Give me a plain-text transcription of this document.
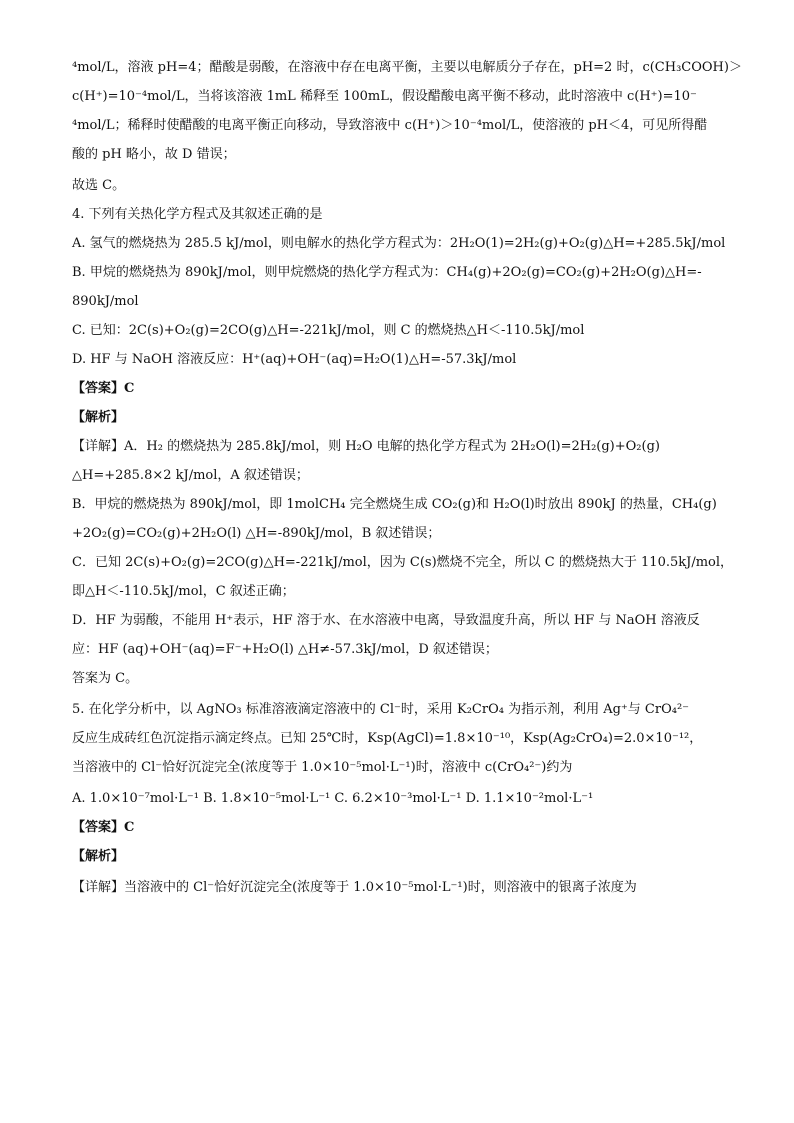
⁴mol/L，溶液 pH=4；醋酸是弱酸，在溶液中存在电离平衡，主要以电解质分子存在，pH=2 时，c(CH₃COOH)＞

c(H⁺)=10⁻⁴mol/L，当将该溶液 1mL 稀释至 100mL，假设醋酸电离平衡不移动，此时溶液中 c(H⁺)=10⁻

⁴mol/L；稀释时使醋酸的电离平衡正向移动，导致溶液中 c(H⁺)＞10⁻⁴mol/L，使溶液的 pH＜4，可见所得醋

酸的 pH 略小，故 D 错误；

故选 C。

4. 下列有关热化学方程式及其叙述正确的是

A. 氢气的燃烧热为 285.5 kJ/mol，则电解水的热化学方程式为：2H₂O(1)=2H₂(g)+O₂(g)△H=+285.5kJ/mol

B. 甲烷的燃烧热为 890kJ/mol，则甲烷燃烧的热化学方程式为：CH₄(g)+2O₂(g)=CO₂(g)+2H₂O(g)△H=-

890kJ/mol

C. 已知：2C(s)+O₂(g)=2CO(g)△H=-221kJ/mol，则 C 的燃烧热△H＜-110.5kJ/mol

D. HF 与 NaOH 溶液反应：H⁺(aq)+OH⁻(aq)=H₂O(1)△H=-57.3kJ/mol

【答案】C

【解析】

【详解】A．H₂ 的燃烧热为 285.8kJ/mol，则 H₂O 电解的热化学方程式为 2H₂O(l)=2H₂(g)+O₂(g)

△H=+285.8×2 kJ/mol，A 叙述错误；

B．甲烷的燃烧热为 890kJ/mol，即 1molCH₄ 完全燃烧生成 CO₂(g)和 H₂O(l)时放出 890kJ 的热量，CH₄(g)

+2O₂(g)=CO₂(g)+2H₂O(l) △H=-890kJ/mol，B 叙述错误；

C．已知 2C(s)+O₂(g)=2CO(g)△H=-221kJ/mol，因为 C(s)燃烧不完全，所以 C 的燃烧热大于 110.5kJ/mol，

即△H＜-110.5kJ/mol，C 叙述正确；

D．HF 为弱酸，不能用 H⁺表示，HF 溶于水、在水溶液中电离，导致温度升高，所以 HF 与 NaOH 溶液反

应：HF (aq)+OH⁻(aq)=F⁻+H₂O(l) △H≠-57.3kJ/mol，D 叙述错误；

答案为 C。

5. 在化学分析中，以 AgNO₃ 标准溶液滴定溶液中的 Cl⁻时，采用 K₂CrO₄ 为指示剂，利用 Ag⁺与 CrO₄²⁻

反应生成砖红色沉淀指示滴定终点。已知 25℃时，Ksp(AgCl)=1.8×10⁻¹⁰，Ksp(Ag₂CrO₄)=2.0×10⁻¹²，

当溶液中的 Cl⁻恰好沉淀完全(浓度等于 1.0×10⁻⁵mol·L⁻¹)时，溶液中 c(CrO₄²⁻)约为

A. 1.0×10⁻⁷mol·L⁻¹ B. 1.8×10⁻⁵mol·L⁻¹ C. 6.2×10⁻³mol·L⁻¹ D. 1.1×10⁻²mol·L⁻¹

【答案】C

【解析】

【详解】当溶液中的 Cl⁻恰好沉淀完全(浓度等于 1.0×10⁻⁵mol·L⁻¹)时，则溶液中的银离子浓度为
